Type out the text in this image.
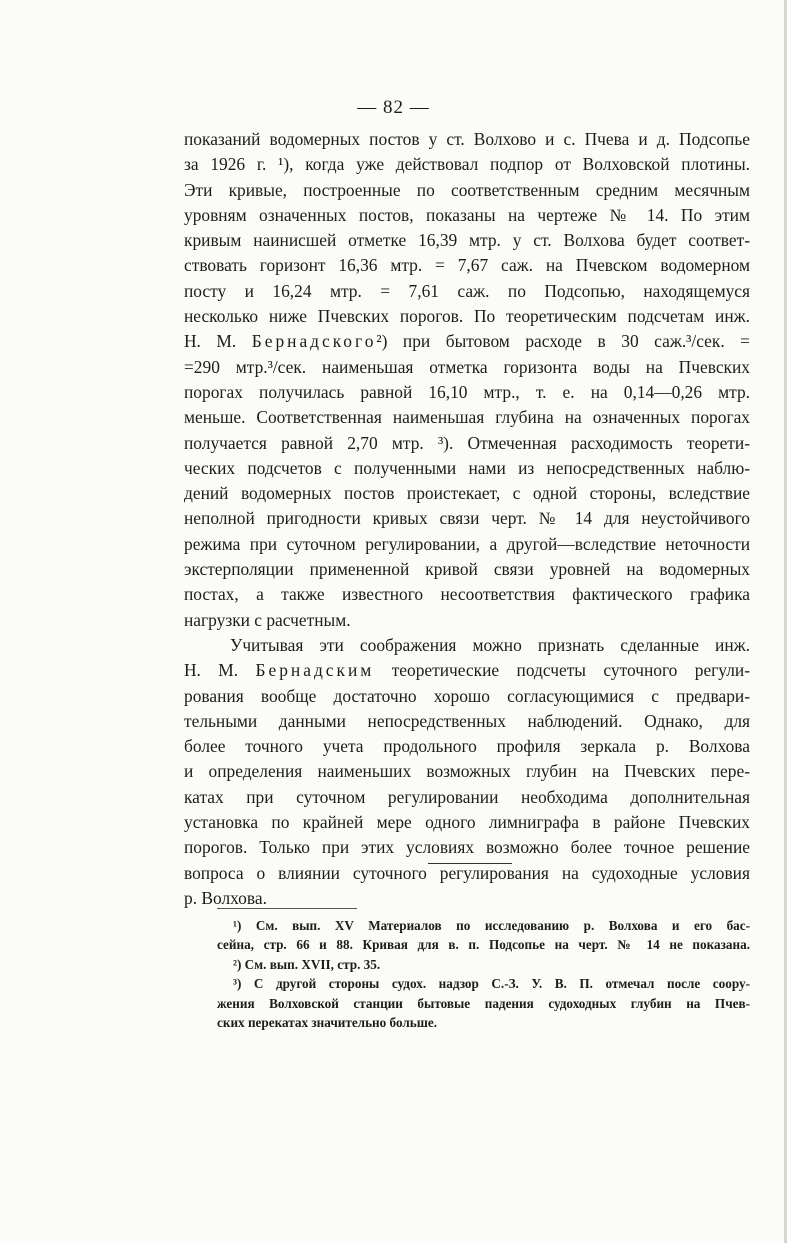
— 82 —
показаний водомерных постов у ст. Волхово и с. Пчева и д. Подсопье
за 1926 г. ¹), когда уже действовал подпор от Волховской плотины.
Эти кривые, построенные по соответственным средним месячным
уровням означенных постов, показаны на чертеже № 14. По этим
кривым наинисшей отметке 16,39 мтр. у ст. Волхова будет соответ-
ствовать горизонт 16,36 мтр. = 7,67 саж. на Пчевском водомерном
посту и 16,24 мтр. = 7,61 саж. по Подсопью, находящемуся
несколько ниже Пчевских порогов. По теоретическим подсчетам инж.
Н. М. Бернадского²) при бытовом расходе в 30 саж.³/сек. =
=290 мтр.³/сек. наименьшая отметка горизонта воды на Пчевских
порогах получилась равной 16,10 мтр., т. е. на 0,14—0,26 мтр.
меньше. Соответственная наименьшая глубина на означенных порогах
получается равной 2,70 мтр. ³). Отмеченная расходимость теорети-
ческих подсчетов с полученными нами из непосредственных наблю-
дений водомерных постов проистекает, с одной стороны, вследствие
неполной пригодности кривых связи черт. № 14 для неустойчивого
режима при суточном регулировании, а другой—вследствие неточности
экстерполяции примененной кривой связи уровней на водомерных
постах, а также известного несоответствия фактического графика
нагрузки с расчетным.
Учитывая эти соображения можно признать сделанные инж.
Н. М. Бернадским теоретические подсчеты суточного регули-
рования вообще достаточно хорошо согласующимися с предвари-
тельными данными непосредственных наблюдений. Однако, для
более точного учета продольного профиля зеркала р. Волхова
и определения наименьших возможных глубин на Пчевских пере-
катах при суточном регулировании необходима дополнительная
установка по крайней мере одного лимниграфа в районе Пчевских
порогов. Только при этих условиях возможно более точное решение
вопроса о влиянии суточного регулирования на судоходные условия
р. Волхова.
¹) См. вып. XV Материалов по исследованию р. Волхова и его бас-
сейна, стр. 66 и 88. Кривая для в. п. Подсопье на черт. № 14 не показана.
²) См. вып. XVII, стр. 35.
³) С другой стороны судох. надзор С.-З. У. В. П. отмечал после соору-
жения Волховской станции бытовые падения судоходных глубин на Пчев-
ских перекатах значительно больше.
